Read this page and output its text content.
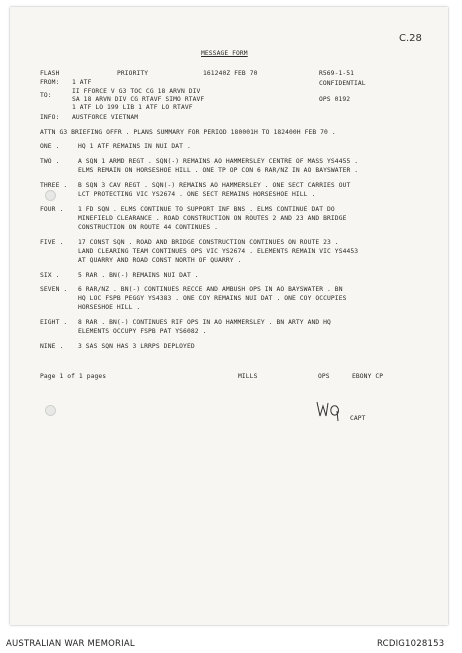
C.28
MESSAGE FORM
FLASH	PRIORITY	161240Z FEB 70	R569-1-51
FROM: 1 ATF	CONFIDENTIAL
TO:
II FFORCE V G3 TOC CG 18 ARVN DIV
SA 18 ARVN DIV CG RTAVF SIMO RTAVF
1 ATF LO 199 LIB 1 ATF LO RTAVF
OPS 0192
INFO: AUSTFORCE VIETNAM
ATTN G3 BRIEFING OFFR . PLANS SUMMARY FOR PERIOD 180001H TO 182400H FEB 70 .
ONE .	HQ 1 ATF REMAINS IN NUI DAT .
TWO .	A SQN 1 ARMD REGT . SQN(-) REMAINS AO HAMMERSLEY CENTRE OF MASS YS4455 .
ELMS REMAIN ON HORSESHOE HILL . ONE TP OP CON 6 RAR/NZ IN AO BAYSWATER .
THREE . B SQN 3 CAV REGT . SQN(-) REMAINS AO HAMMERSLEY . ONE SECT CARRIES OUT
LCT PROTECTING VIC YS2674 . ONE SECT REMAINS HORSESHOE HILL .
FOUR . 1 FD SQN . ELMS CONTINUE TO SUPPORT INF BNS . ELMS CONTINUE DAT DO
MINEFIELD CLEARANCE . ROAD CONSTRUCTION ON ROUTES 2 AND 23 AND BRIDGE
CONSTRUCTION ON ROUTE 44 CONTINUES .
FIVE . 17 CONST SQN . ROAD AND BRIDGE CONSTRUCTION CONTINUES ON ROUTE 23 .
LAND CLEARING TEAM CONTINUES OPS VIC YS2674 . ELEMENTS REMAIN VIC YS4453
AT QUARRY AND ROAD CONST NORTH OF QUARRY .
SIX .	5 RAR . BN(-) REMAINS NUI DAT .
SEVEN . 6 RAR/NZ . BN(-) CONTINUES RECCE AND AMBUSH OPS IN AO BAYSWATER . BN
HQ LOC FSPB PEGGY YS4383 . ONE COY REMAINS NUI DAT . ONE COY OCCUPIES
HORSESHOE HILL .
EIGHT . 8 RAR . BN(-) CONTINUES RIF OPS IN AO HAMMERSLEY . BN ARTY AND HQ
ELEMENTS OCCUPY FSPB PAT YS6082 .
NINE . 3 SAS SQN HAS 3 LRRPS DEPLOYED
Page 1 of 1 pages	MILLS	OPS	EBONY CP
CAPT
AUSTRALIAN WAR MEMORIAL	RCDIG1028153
